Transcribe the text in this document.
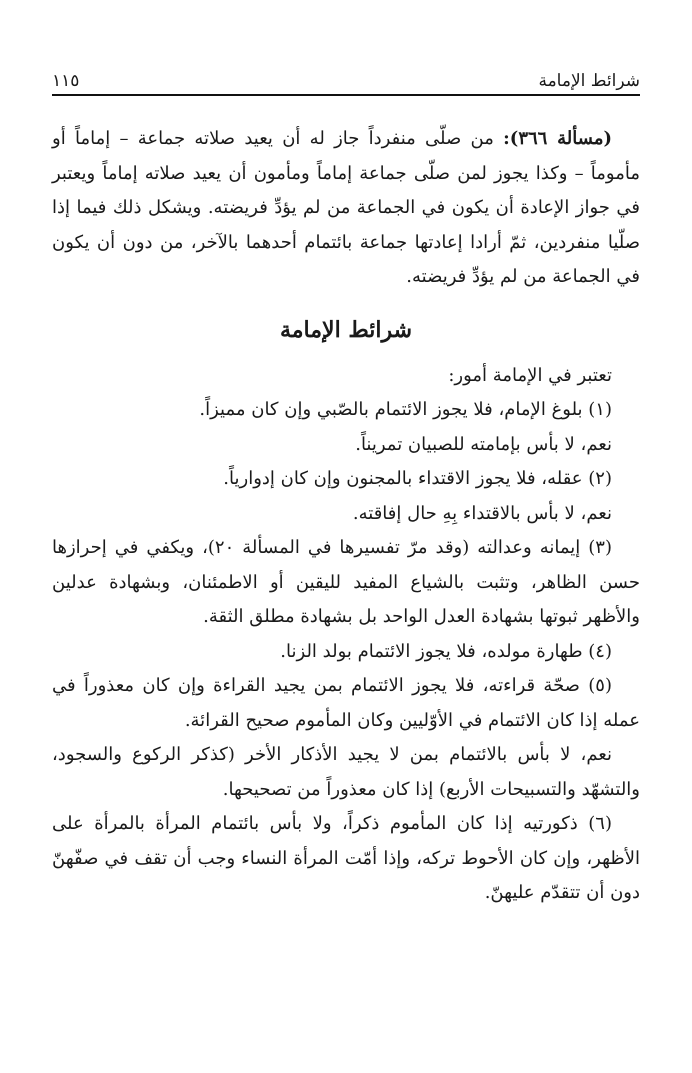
شرائط الإمامة
١١٥

(مسألة ٣٦٦): من صلّى منفرداً جاز له أن يعيد صلاته جماعة – إماماً أو مأموماً – وكذا يجوز لمن صلّى جماعة إماماً ومأمون أن يعيد صلاته إماماً ويعتبر في جواز الإعادة أن يكون في الجماعة من لم يؤدِّ فريضته. ويشكل ذلك فيما إذا صلّيا منفردين، ثمّ أرادا إعادتها جماعة بائتمام أحدهما بالآخر، من دون أن يكون في الجماعة من لم يؤدِّ فريضته.

شرائط الإمامة

تعتبر في الإمامة أمور:

(١) بلوغ الإمام، فلا يجوز الائتمام بالصّبي وإن كان مميزاً.

نعم، لا بأس بإمامته للصبيان تمريناً.

(٢) عقله، فلا يجوز الاقتداء بالمجنون وإن كان إدوارياً.

نعم، لا بأس بالاقتداء بِهِ حال إفاقته.

(٣) إيمانه وعدالته (وقد مرّ تفسيرها في المسألة ٢٠)، ويكفي في إحرازها حسن الظاهر، وتثبت بالشياع المفيد لليقين أو الاطمئنان، وبشهادة عدلين والأظهر ثبوتها بشهادة العدل الواحد بل بشهادة مطلق الثقة.

(٤) طهارة مولده، فلا يجوز الائتمام بولد الزنا.

(٥) صحّة قراءته، فلا يجوز الائتمام بمن يجيد القراءة وإن كان معذوراً في عمله إذا كان الائتمام في الأوّليين وكان المأموم صحيح القرائة.

نعم، لا بأس بالائتمام بمن لا يجيد الأذكار الأخر (كذكر الركوع والسجود، والتشهّد والتسبيحات الأربع) إذا كان معذوراً من تصحيحها.

(٦) ذكورتيه إذا كان المأموم ذكراً، ولا بأس بائتمام المرأة بالمرأة على الأظهر، وإن كان الأحوط تركه، وإذا أمّت المرأة النساء وجب أن تقف في صفّهنّ دون أن تتقدّم عليهنّ.
